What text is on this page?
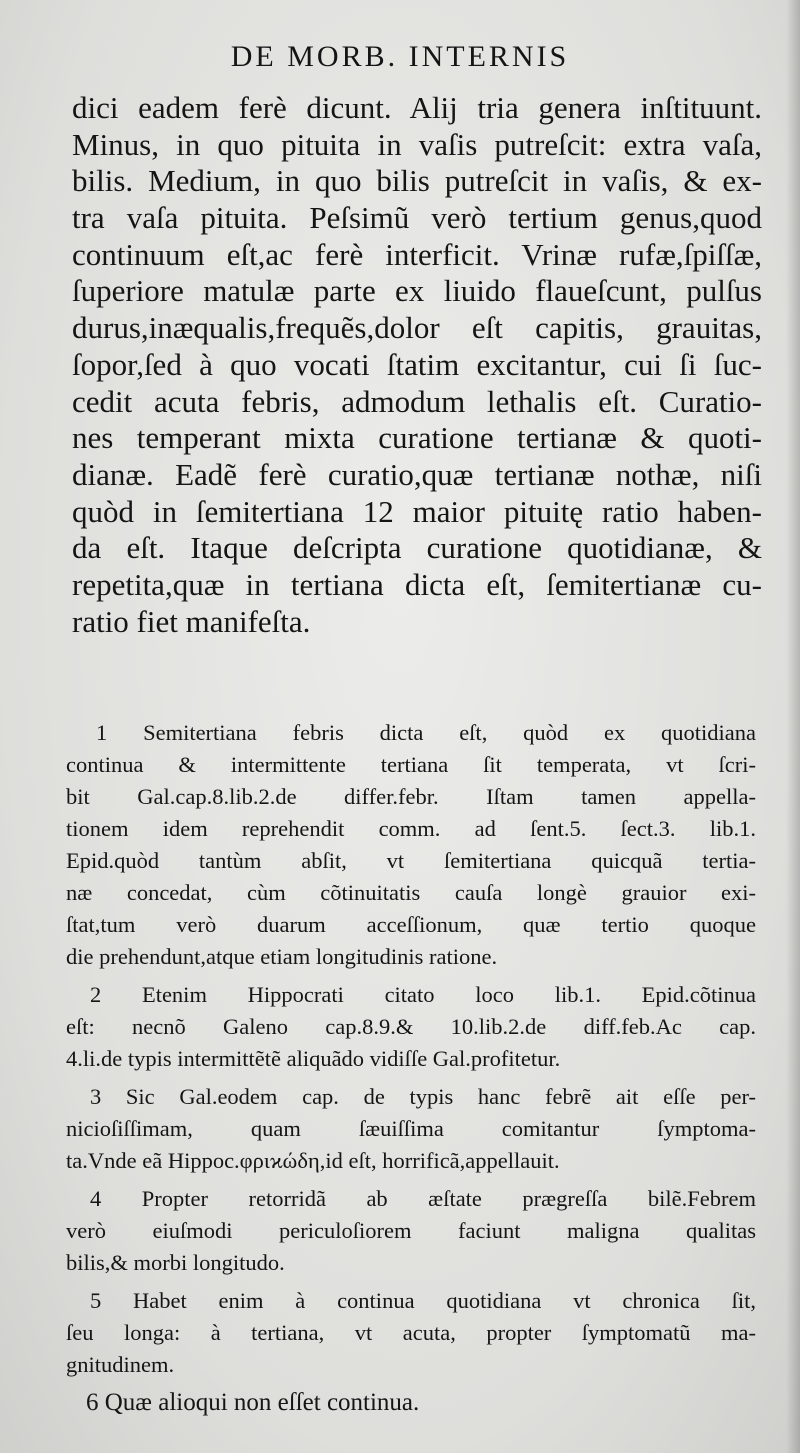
DE MORB. INTERNIS
dici eadem ferè dicunt. Alij tria genera inſtituunt.
Minus, in quo pituita in vaſis putreſcit: extra vaſa,
bilis. Medium, in quo bilis putreſcit in vaſis, & ex-
tra vaſa pituita. Peſsimũ verò tertium genus,quod
continuum eſt,ac ferè interficit. Vrinæ rufæ,ſpiſſæ,
ſuperiore matulæ parte ex liuido flaueſcunt, pulſus
durus,inæqualis,frequẽs,dolor eſt capitis, grauitas,
ſopor,ſed à quo vocati ſtatim excitantur, cui ſi ſuc-
cedit acuta febris, admodum lethalis eſt. Curatio-
nes temperant mixta curatione tertianæ & quoti-
dianæ. Eadẽ ferè curatio,quæ tertianæ nothæ, niſi
quòd in ſemitertiana 12 maior pituitę ratio haben-
da eſt. Itaque deſcripta curatione quotidianæ, &
repetita,quæ in tertiana dicta eſt, ſemitertianæ cu-
ratio fiet manifeſta.
1 Semitertiana febris dicta eſt, quòd ex quotidiana
continua & intermittente tertiana ſit temperata, vt ſcri-
bit Gal.cap.8.lib.2.de differ.febr. Iſtam tamen appella-
tionem idem reprehendit comm. ad ſent.5. ſect.3. lib.1.
Epid.quòd tantùm abſit, vt ſemitertiana quicquã tertia-
næ concedat, cùm cõtinuitatis cauſa longè grauior exi-
ſtat,tum verò duarum acceſſionum, quæ tertio quoque
die prehendunt,atque etiam longitudinis ratione.
2 Etenim Hippocrati citato loco lib.1. Epid.cõtinua
eſt: necnõ Galeno cap.8.9.& 10.lib.2.de diff.feb.Ac cap.
4.li.de typis intermittẽtẽ aliquãdo vidiſſe Gal.profitetur.
3 Sic Gal.eodem cap. de typis hanc febrẽ ait eſſe per-
nicioſiſſimam, quam ſæuiſſima comitantur ſymptoma-
ta.Vnde eã Hippoc.φριϰώδη,id eſt, horrificã,appellauit.
4 Propter retorridã ab æſtate prægreſſa bilẽ.Febrem
verò eiuſmodi periculoſiorem faciunt maligna qualitas
bilis,& morbi longitudo.
5 Habet enim à continua quotidiana vt chronica ſit,
ſeu longa: à tertiana, vt acuta, propter ſymptomatũ ma-
gnitudinem.
6 Quæ alioqui non eſſet continua.
